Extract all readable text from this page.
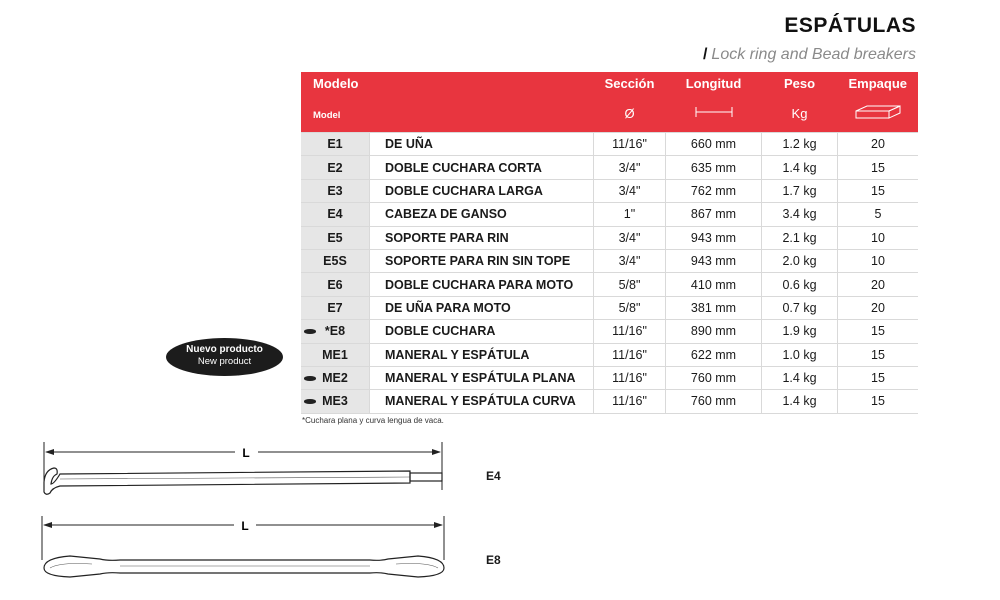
ESPÁTULAS
/ Lock ring and Bead breakers
Modelo		Sección	Longitud	Peso	Empaque
Model		Ø		Kg	
E1	DE UÑA	11/16"	660 mm	1.2 kg	20
E2	DOBLE CUCHARA CORTA	3/4"	635 mm	1.4 kg	15
E3	DOBLE CUCHARA LARGA	3/4"	762 mm	1.7 kg	15
E4	CABEZA DE GANSO	1"	867 mm	3.4 kg	5
E5	SOPORTE PARA RIN	3/4"	943 mm	2.1 kg	10
E5S	SOPORTE PARA RIN SIN TOPE	3/4"	943 mm	2.0 kg	10
E6	DOBLE CUCHARA PARA MOTO	5/8"	410 mm	0.6 kg	20
E7	DE UÑA PARA MOTO	5/8"	381 mm	0.7 kg	20
*E8	DOBLE CUCHARA	11/16"	890 mm	1.9 kg	15
ME1	MANERAL Y ESPÁTULA	11/16"	622 mm	1.0 kg	15
ME2	MANERAL Y ESPÁTULA PLANA	11/16"	760 mm	1.4 kg	15
ME3	MANERAL Y ESPÁTULA CURVA	11/16"	760 mm	1.4 kg	15
Nuevo producto
New product
*Cuchara plana y curva lengua de vaca.
L
L
E4
E8
